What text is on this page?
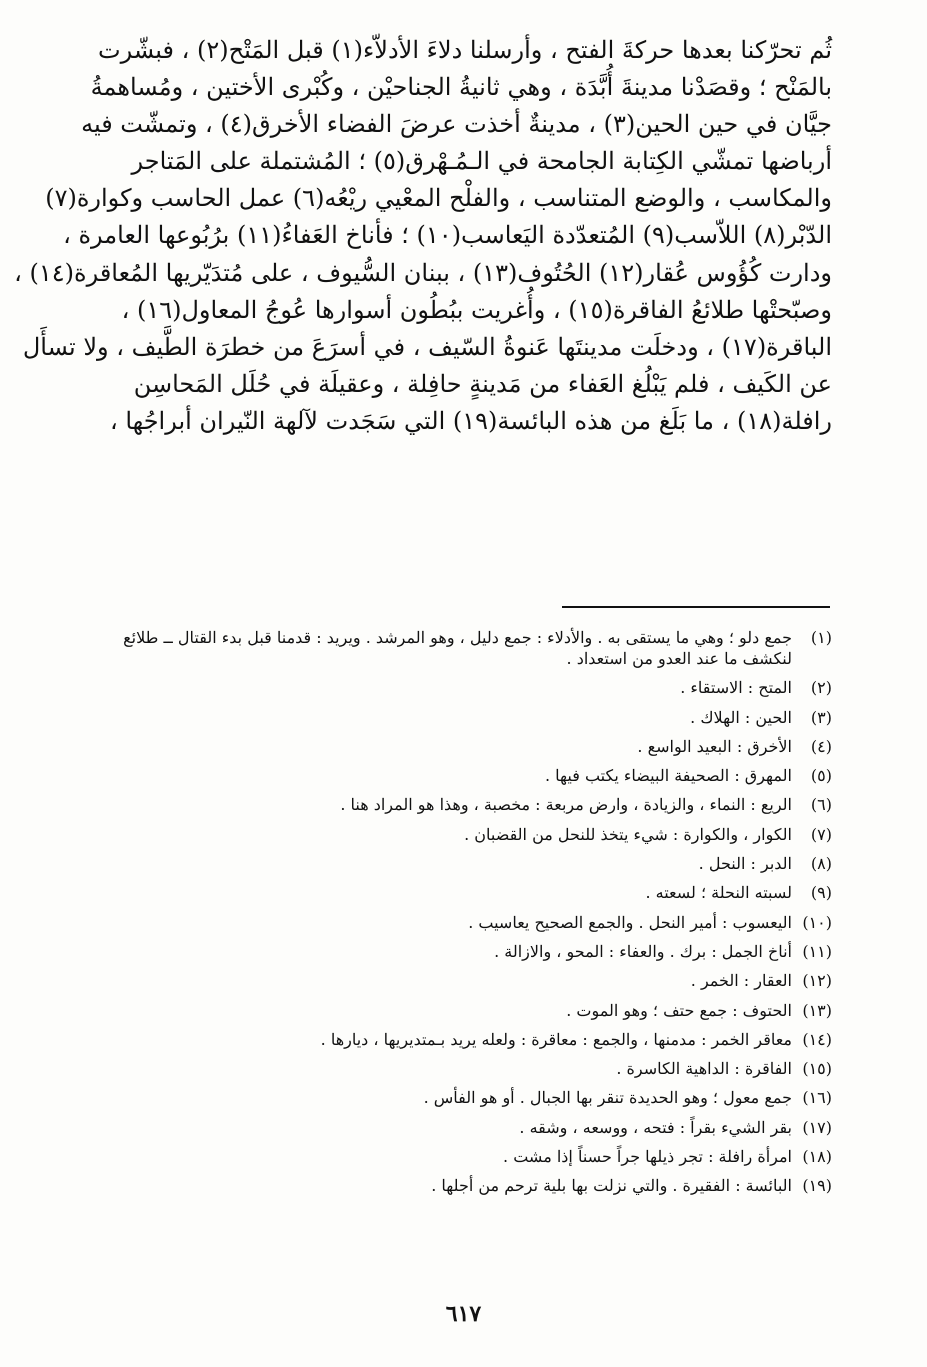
ثُم تحرّكنا بعدها حركةَ الفتح ، وأرسلنا دلاءَ الأدلاّء(١) قبل المَتْح(٢) ، فبشّرت
بالمَنْح ؛ وقصَدْنا مدينةَ أُبَّدَة ، وهي ثانيةُ الجناحيْن ، وكُبْرى الأختين ، ومُساهمةُ
جيَّان في حين الحين(٣) ، مدينةٌ أخذت عرضَ الفضاء الأخرق(٤) ، وتمشّت فيه
أرباضها تمشّي الكِتابة الجامحة في الـمُـهْرق(٥) ؛ المُشتملة على المَتاجر
والمكاسب ، والوضع المتناسب ، والفلْح المعْيي ريْعُه(٦) عمل الحاسب وكوارة(٧)
الدّبْر(٨) اللاّسب(٩) المُتعدّدة اليَعاسب(١٠) ؛ فأناخ العَفاءُ(١١) برُبُوعها العامرة ،
ودارت كُؤُوس عُقار(١٢) الحُتُوف(١٣) ، ببنان السُّيوف ، على مُتدَيّريها المُعاقرة(١٤) ،
وصبّحتْها طلائعُ الفاقرة(١٥) ، وأُغريت ببُطُون أسوارها عُوجُ المعاول(١٦) ،
الباقرة(١٧) ، ودخلَت مدينتَها عَنوةُ السّيف ، في أسرَعَ من خطرَة الطَّيف ، ولا تسأَل
عن الكَيف ، فلم يَبْلُغ العَفاء من مَدينةٍ حافِلة ، وعقيلَة في حُلَل المَحاسِن
رافلة(١٨) ، ما بَلَغ من هذه البائسة(١٩) التي سَجَدت لآلهة النّيران أبراجُها ،
(١)
جمع دلو ؛ وهي ما يستقى به . والأدلاء : جمع دليل ، وهو المرشد . ويريد : قدمنا قبل بدء القتال ــ طلائع لنكشف ما عند العدو من استعداد .
(٢)
المتح : الاستقاء .
(٣)
الحين : الهلاك .
(٤)
الأخرق : البعيد الواسع .
(٥)
المهرق : الصحيفة البيضاء يكتب فيها .
(٦)
الريع : النماء ، والزيادة ، وارض مربعة : مخصبة ، وهذا هو المراد هنا .
(٧)
الكوار ، والكوارة : شيء يتخذ للنحل من القضبان .
(٨)
الدبر : النحل .
(٩)
لسبته النحلة ؛ لسعته .
(١٠)
اليعسوب : أمير النحل . والجمع الصحيح يعاسيب .
(١١)
أناخ الجمل : برك . والعفاء : المحو ، والازالة .
(١٢)
العقار : الخمر .
(١٣)
الحتوف : جمع حتف ؛ وهو الموت .
(١٤)
معاقر الخمر : مدمنها ، والجمع : معاقرة : ولعله يريد بـمتديريها ، ديارها .
(١٥)
الفاقرة : الداهية الكاسرة .
(١٦)
جمع معول ؛ وهو الحديدة تنقر بها الجبال . أو هو الفأس .
(١٧)
بقر الشيء بقراً : فتحه ، ووسعه ، وشقه .
(١٨)
امرأة رافلة : تجر ذيلها جراً حسناً إذا مشت .
(١٩)
البائسة : الفقيرة . والتي نزلت بها بلية ترحم من أجلها .
٦١٧
